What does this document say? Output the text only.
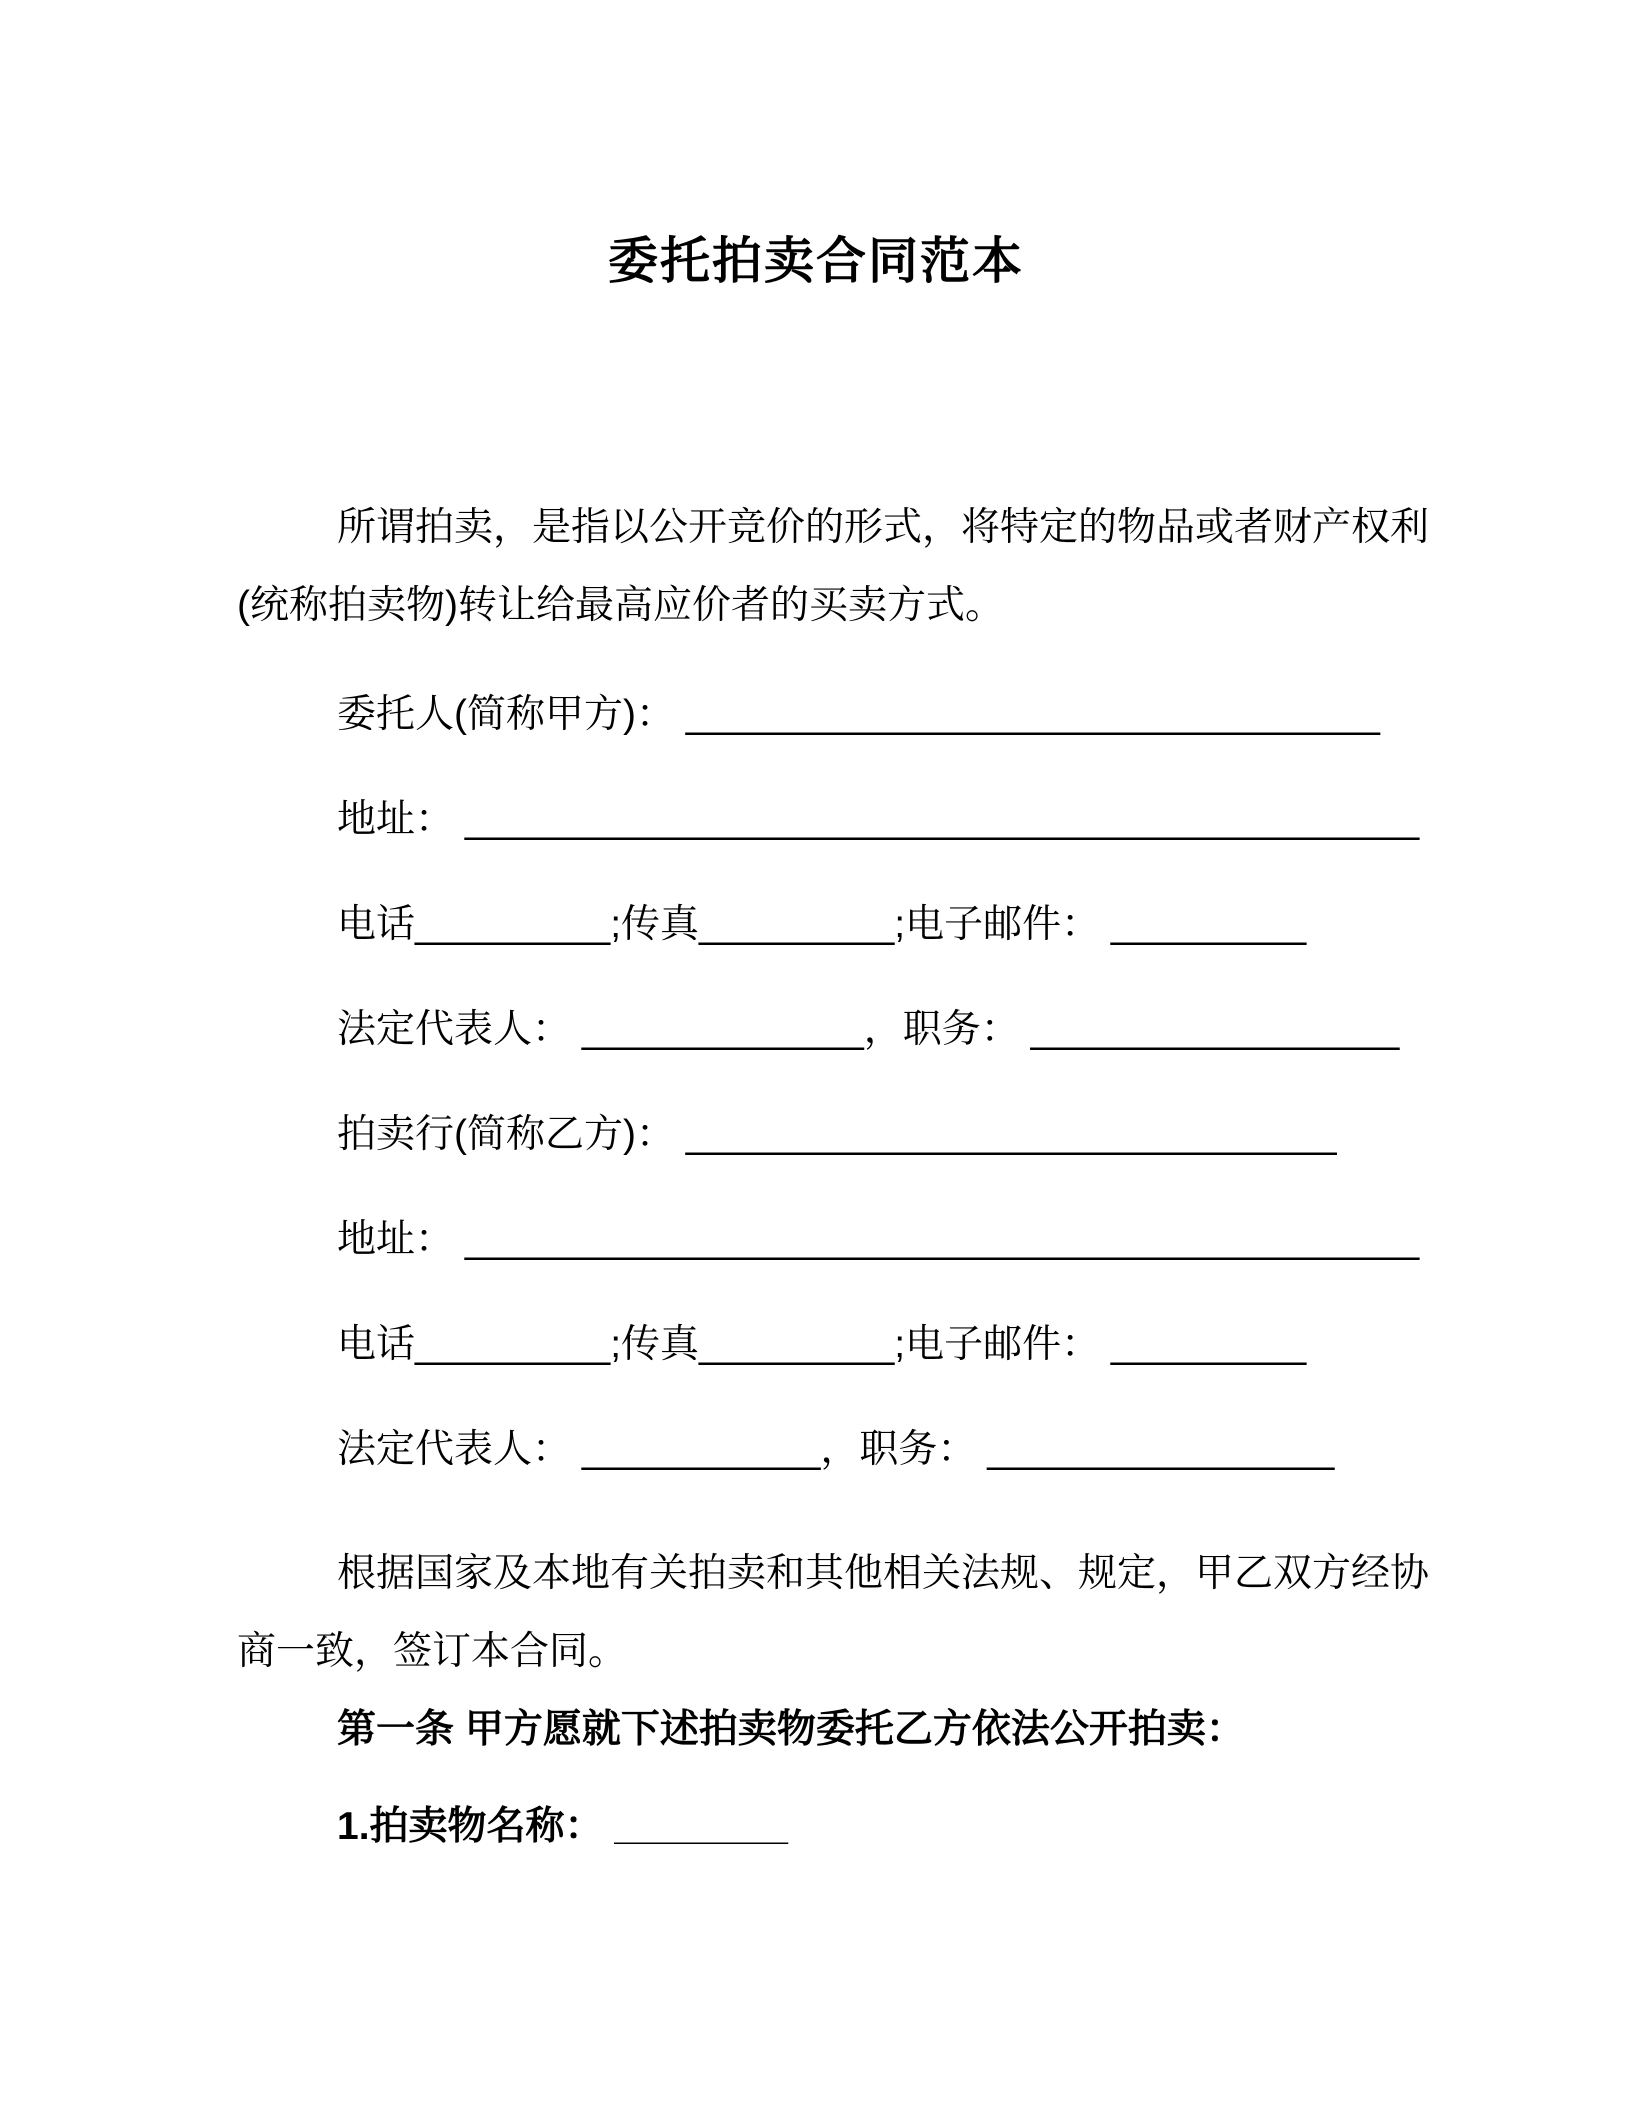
委托拍卖合同范本

所谓拍卖，是指以公开竞价的形式，将特定的物品或者财产权利

(统称拍卖物)转让给最高应价者的买卖方式。

委托人(简称甲方)： ________________________________

地址： ____________________________________________

电话_________;传真_________;电子邮件： _________

法定代表人： _____________，职务： _________________

拍卖行(简称乙方)： ______________________________

地址： ____________________________________________

电话_________;传真_________;电子邮件： _________

法定代表人： ___________，职务： ________________

根据国家及本地有关拍卖和其他相关法规、规定，甲乙双方经协

商一致，签订本合同。

第一条 甲方愿就下述拍卖物委托乙方依法公开拍卖：

1.拍卖物名称： ________
